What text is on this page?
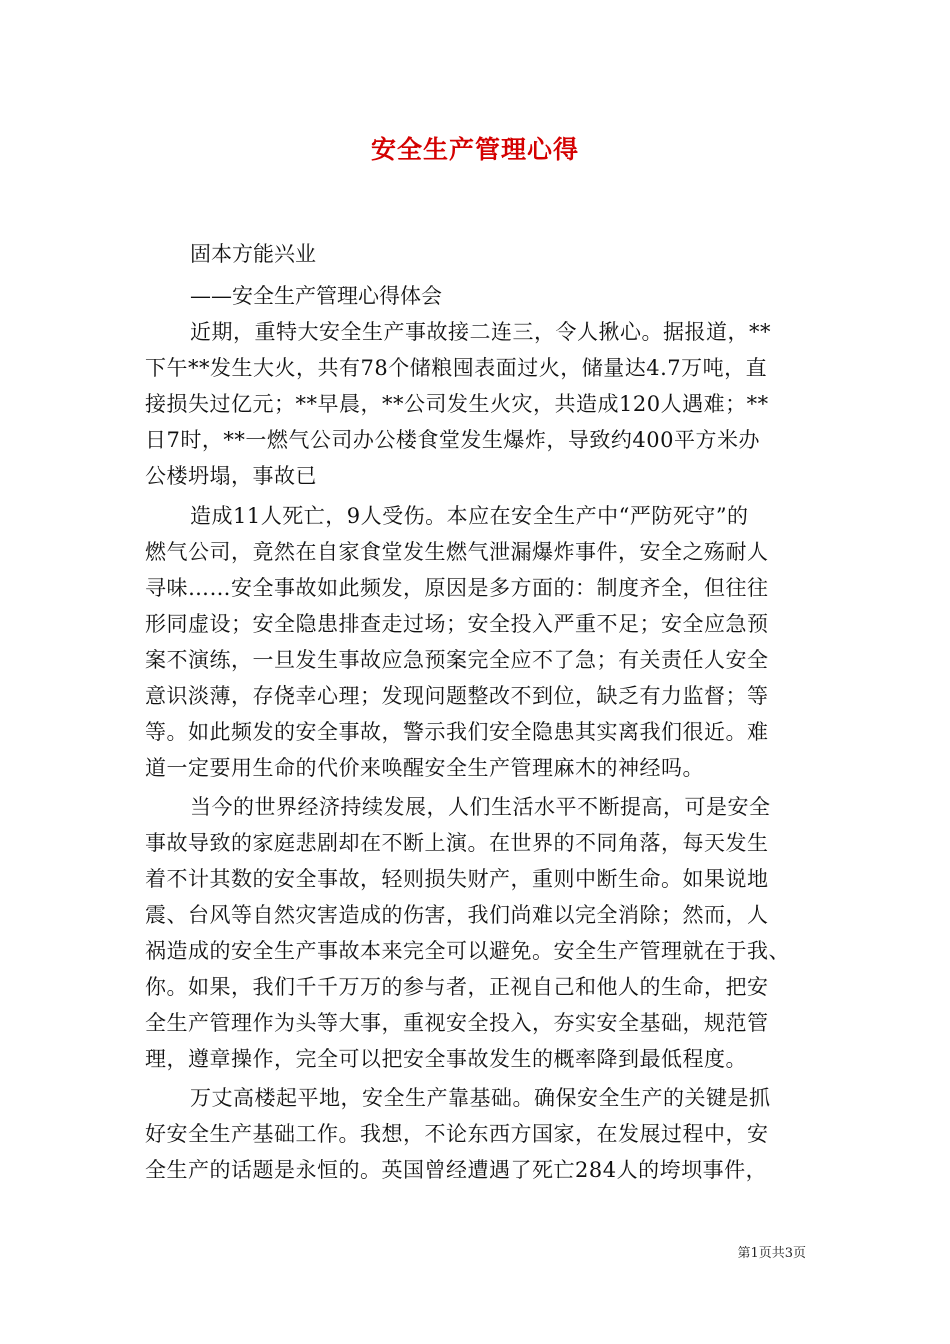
安全生产管理心得
固本方能兴业
——安全生产管理心得体会
近期，重特大安全生产事故接二连三，令人揪心。据报道，**
下午**发生大火，共有78个储粮囤表面过火，储量达4.7万吨，直
接损失过亿元；**早晨，**公司发生火灾，共造成120人遇难；**
日7时，**一燃气公司办公楼食堂发生爆炸，导致约400平方米办
公楼坍塌，事故已
造成11人死亡，9人受伤。本应在安全生产中“严防死守”的
燃气公司，竟然在自家食堂发生燃气泄漏爆炸事件，安全之殇耐人
寻味……安全事故如此频发，原因是多方面的：制度齐全，但往往
形同虚设；安全隐患排查走过场；安全投入严重不足；安全应急预
案不演练，一旦发生事故应急预案完全应不了急；有关责任人安全
意识淡薄，存侥幸心理；发现问题整改不到位，缺乏有力监督；等
等。如此频发的安全事故，警示我们安全隐患其实离我们很近。难
道一定要用生命的代价来唤醒安全生产管理麻木的神经吗。
当今的世界经济持续发展，人们生活水平不断提高，可是安全
事故导致的家庭悲剧却在不断上演。在世界的不同角落，每天发生
着不计其数的安全事故，轻则损失财产，重则中断生命。如果说地
震、台风等自然灾害造成的伤害，我们尚难以完全消除；然而，人
祸造成的安全生产事故本来完全可以避免。安全生产管理就在于我、
你。如果，我们千千万万的参与者，正视自己和他人的生命，把安
全生产管理作为头等大事，重视安全投入，夯实安全基础，规范管
理，遵章操作，完全可以把安全事故发生的概率降到最低程度。
万丈高楼起平地，安全生产靠基础。确保安全生产的关键是抓
好安全生产基础工作。我想，不论东西方国家，在发展过程中，安
全生产的话题是永恒的。英国曾经遭遇了死亡284人的垮坝事件，
第1页共3页
